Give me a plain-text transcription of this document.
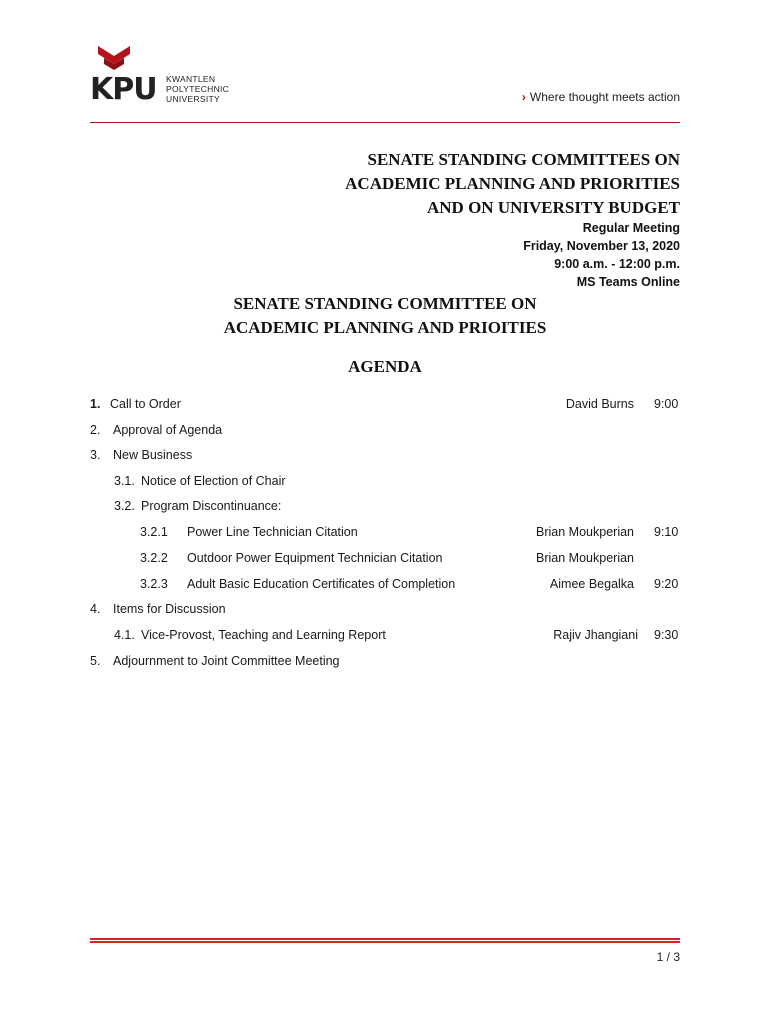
KPU KWANTLEN
POLYTECHNIC
UNIVERSITY	› Where thought meets action
SENATE STANDING COMMITTEES ON
ACADEMIC PLANNING AND PRIORITIES
AND ON UNIVERSITY BUDGET
Regular Meeting
Friday, November 13, 2020
9:00 a.m. - 12:00 p.m.
MS Teams Online
SENATE STANDING COMMITTEE ON
ACADEMIC PLANNING AND PRIOITIES
AGENDA
1. Call to Order	David Burns 9:00
2. Approval of Agenda
3. New Business
3.1. Notice of Election of Chair
3.2. Program Discontinuance:
3.2.1 Power Line Technician Citation	Brian Moukperian 9:10
3.2.2 Outdoor Power Equipment Technician Citation	Brian Moukperian
3.2.3 Adult Basic Education Certificates of Completion	Aimee Begalka 9:20
4. Items for Discussion
4.1. Vice-Provost, Teaching and Learning Report	Rajiv Jhangiani 9:30
5. Adjournment to Joint Committee Meeting
1 / 3
